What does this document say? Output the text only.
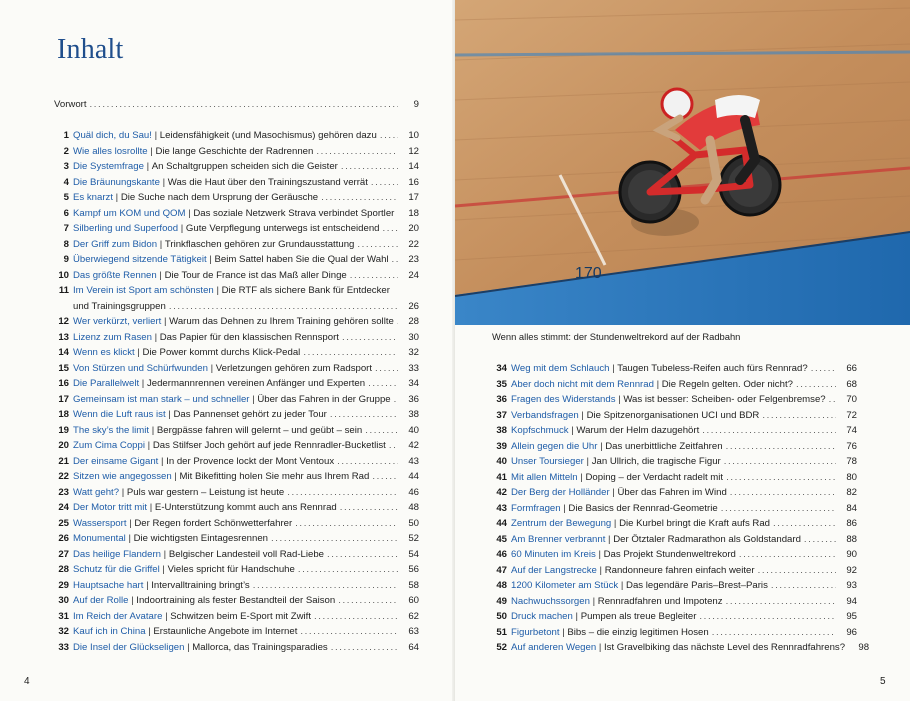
Inhalt
Vorwort .....	9
1 Quäl dich, du Sau! | Leidensfähigkeit (und Masochismus) gehören dazu .....	10
2 Wie alles losrollte | Die lange Geschichte der Radrennen .....	12
3 Die Systemfrage | An Schaltgruppen scheiden sich die Geister .....	14
4 Die Bräunungskante | Was die Haut über den Trainingszustand verrät .....	16
5 Es knarzt | Die Suche nach dem Ursprung der Geräusche .....	17
6 Kampf um KOM und QOM | Das soziale Netzwerk Strava verbindet Sportler .....	18
7 Silberling und Superfood | Gute Verpflegung unterwegs ist entscheidend .....	20
8 Der Griff zum Bidon | Trinkflaschen gehören zur Grundausstattung .....	22
9 Überwiegend sitzende Tätigkeit | Beim Sattel haben Sie die Qual der Wahl .....	23
10 Das größte Rennen | Die Tour de France ist das Maß aller Dinge .....	24
11 Im Verein ist Sport am schönsten | Die RTF als sichere Bank für Entdecker
und Trainingsgruppen .....	26
12 Wer verkürzt, verliert | Warum das Dehnen zu Ihrem Training gehören sollte .....	28
13 Lizenz zum Rasen | Das Papier für den klassischen Rennsport .....	30
14 Wenn es klickt | Die Power kommt durchs Klick-Pedal .....	32
15 Von Stürzen und Schürfwunden | Verletzungen gehören zum Radsport .....	33
16 Die Parallelwelt | Jedermannrennen vereinen Anfänger und Experten .....	34
17 Gemeinsam ist man stark – und schneller | Über das Fahren in der Gruppe .....	36
18 Wenn die Luft raus ist | Das Pannenset gehört zu jeder Tour .....	38
19 The sky’s the limit | Bergpässe fahren will gelernt – und geübt – sein .....	40
20 Zum Cima Coppi | Das Stilfser Joch gehört auf jede Rennradler-Bucketlist .....	42
21 Der einsame Gigant | In der Provence lockt der Mont Ventoux .....	43
22 Sitzen wie angegossen | Mit Bikefitting holen Sie mehr aus Ihrem Rad .....	44
23 Watt geht? | Puls war gestern – Leistung ist heute .....	46
24 Der Motor tritt mit | E-Unterstützung kommt auch ans Rennrad .....	48
25 Wassersport | Der Regen fordert Schönwetterfahrer .....	50
26 Monumental | Die wichtigsten Eintagesrennen .....	52
27 Das heilige Flandern | Belgischer Landesteil voll Rad-Liebe .....	54
28 Schutz für die Griffel | Vieles spricht für Handschuhe .....	56
29 Hauptsache hart | Intervalltraining bringt’s .....	58
30 Auf der Rolle | Indoortraining als fester Bestandteil der Saison .....	60
31 Im Reich der Avatare | Schwitzen beim E-Sport mit Zwift .....	62
32 Kauf ich in China | Erstaunliche Angebote im Internet .....	63
33 Die Insel der Glückseligen | Mallorca, das Trainingsparadies .....	64
4
170
Wenn alles stimmt: der Stundenweltrekord auf der Radbahn
34 Weg mit dem Schlauch | Taugen Tubeless-Reifen auch fürs Rennrad? .....	66
35 Aber doch nicht mit dem Rennrad | Die Regeln gelten. Oder nicht? .....	68
36 Fragen des Widerstands | Was ist besser: Scheiben- oder Felgenbremse? .....	70
37 Verbandsfragen | Die Spitzenorganisationen UCI und BDR .....	72
38 Kopfschmuck | Warum der Helm dazugehört .....	74
39 Allein gegen die Uhr | Das unerbittliche Zeitfahren .....	76
40 Unser Toursieger | Jan Ullrich, die tragische Figur .....	78
41 Mit allen Mitteln | Doping – der Verdacht radelt mit .....	80
42 Der Berg der Holländer | Über das Fahren im Wind .....	82
43 Formfragen | Die Basics der Rennrad-Geometrie .....	84
44 Zentrum der Bewegung | Die Kurbel bringt die Kraft aufs Rad .....	86
45 Am Brenner verbrannt | Der Ötztaler Radmarathon als Goldstandard .....	88
46 60 Minuten im Kreis | Das Projekt Stundenweltrekord .....	90
47 Auf der Langstrecke | Randonneure fahren einfach weiter .....	92
48 1200 Kilometer am Stück | Das legendäre Paris–Brest–Paris .....	93
49 Nachwuchssorgen | Rennradfahren und Impotenz .....	94
50 Druck machen | Pumpen als treue Begleiter .....	95
51 Figurbetont | Bibs – die einzig legitimen Hosen .....	96
52 Auf anderen Wegen | Ist Gravelbiking das nächste Level des Rennradfahrens?	98
5
